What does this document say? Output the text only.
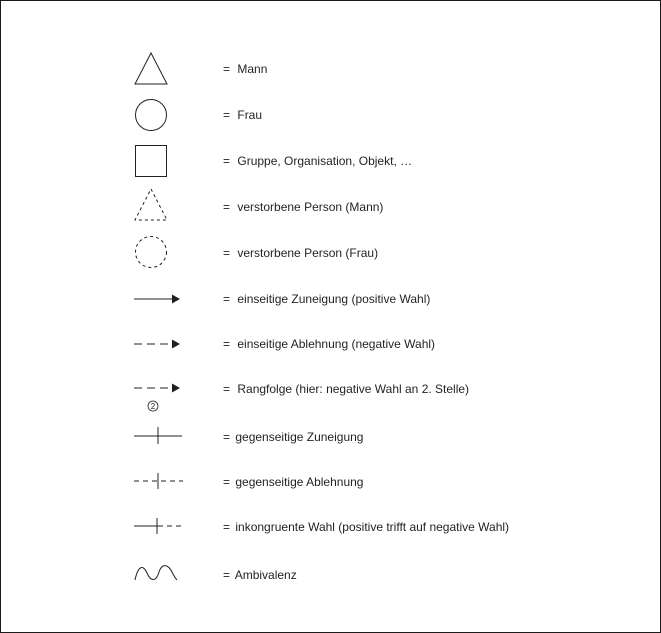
= Mann
= Frau
= Gruppe, Organisation, Objekt, …
= verstorbene Person (Mann)
= verstorbene Person (Frau)
= einseitige Zuneigung (positive Wahl)
= einseitige Ablehnung (negative Wahl)
2
= Rangfolge (hier: negative Wahl an 2. Stelle)
= gegenseitige Zuneigung
= gegenseitige Ablehnung
= inkongruente Wahl (positive trifft auf negative Wahl)
= Ambivalenz
